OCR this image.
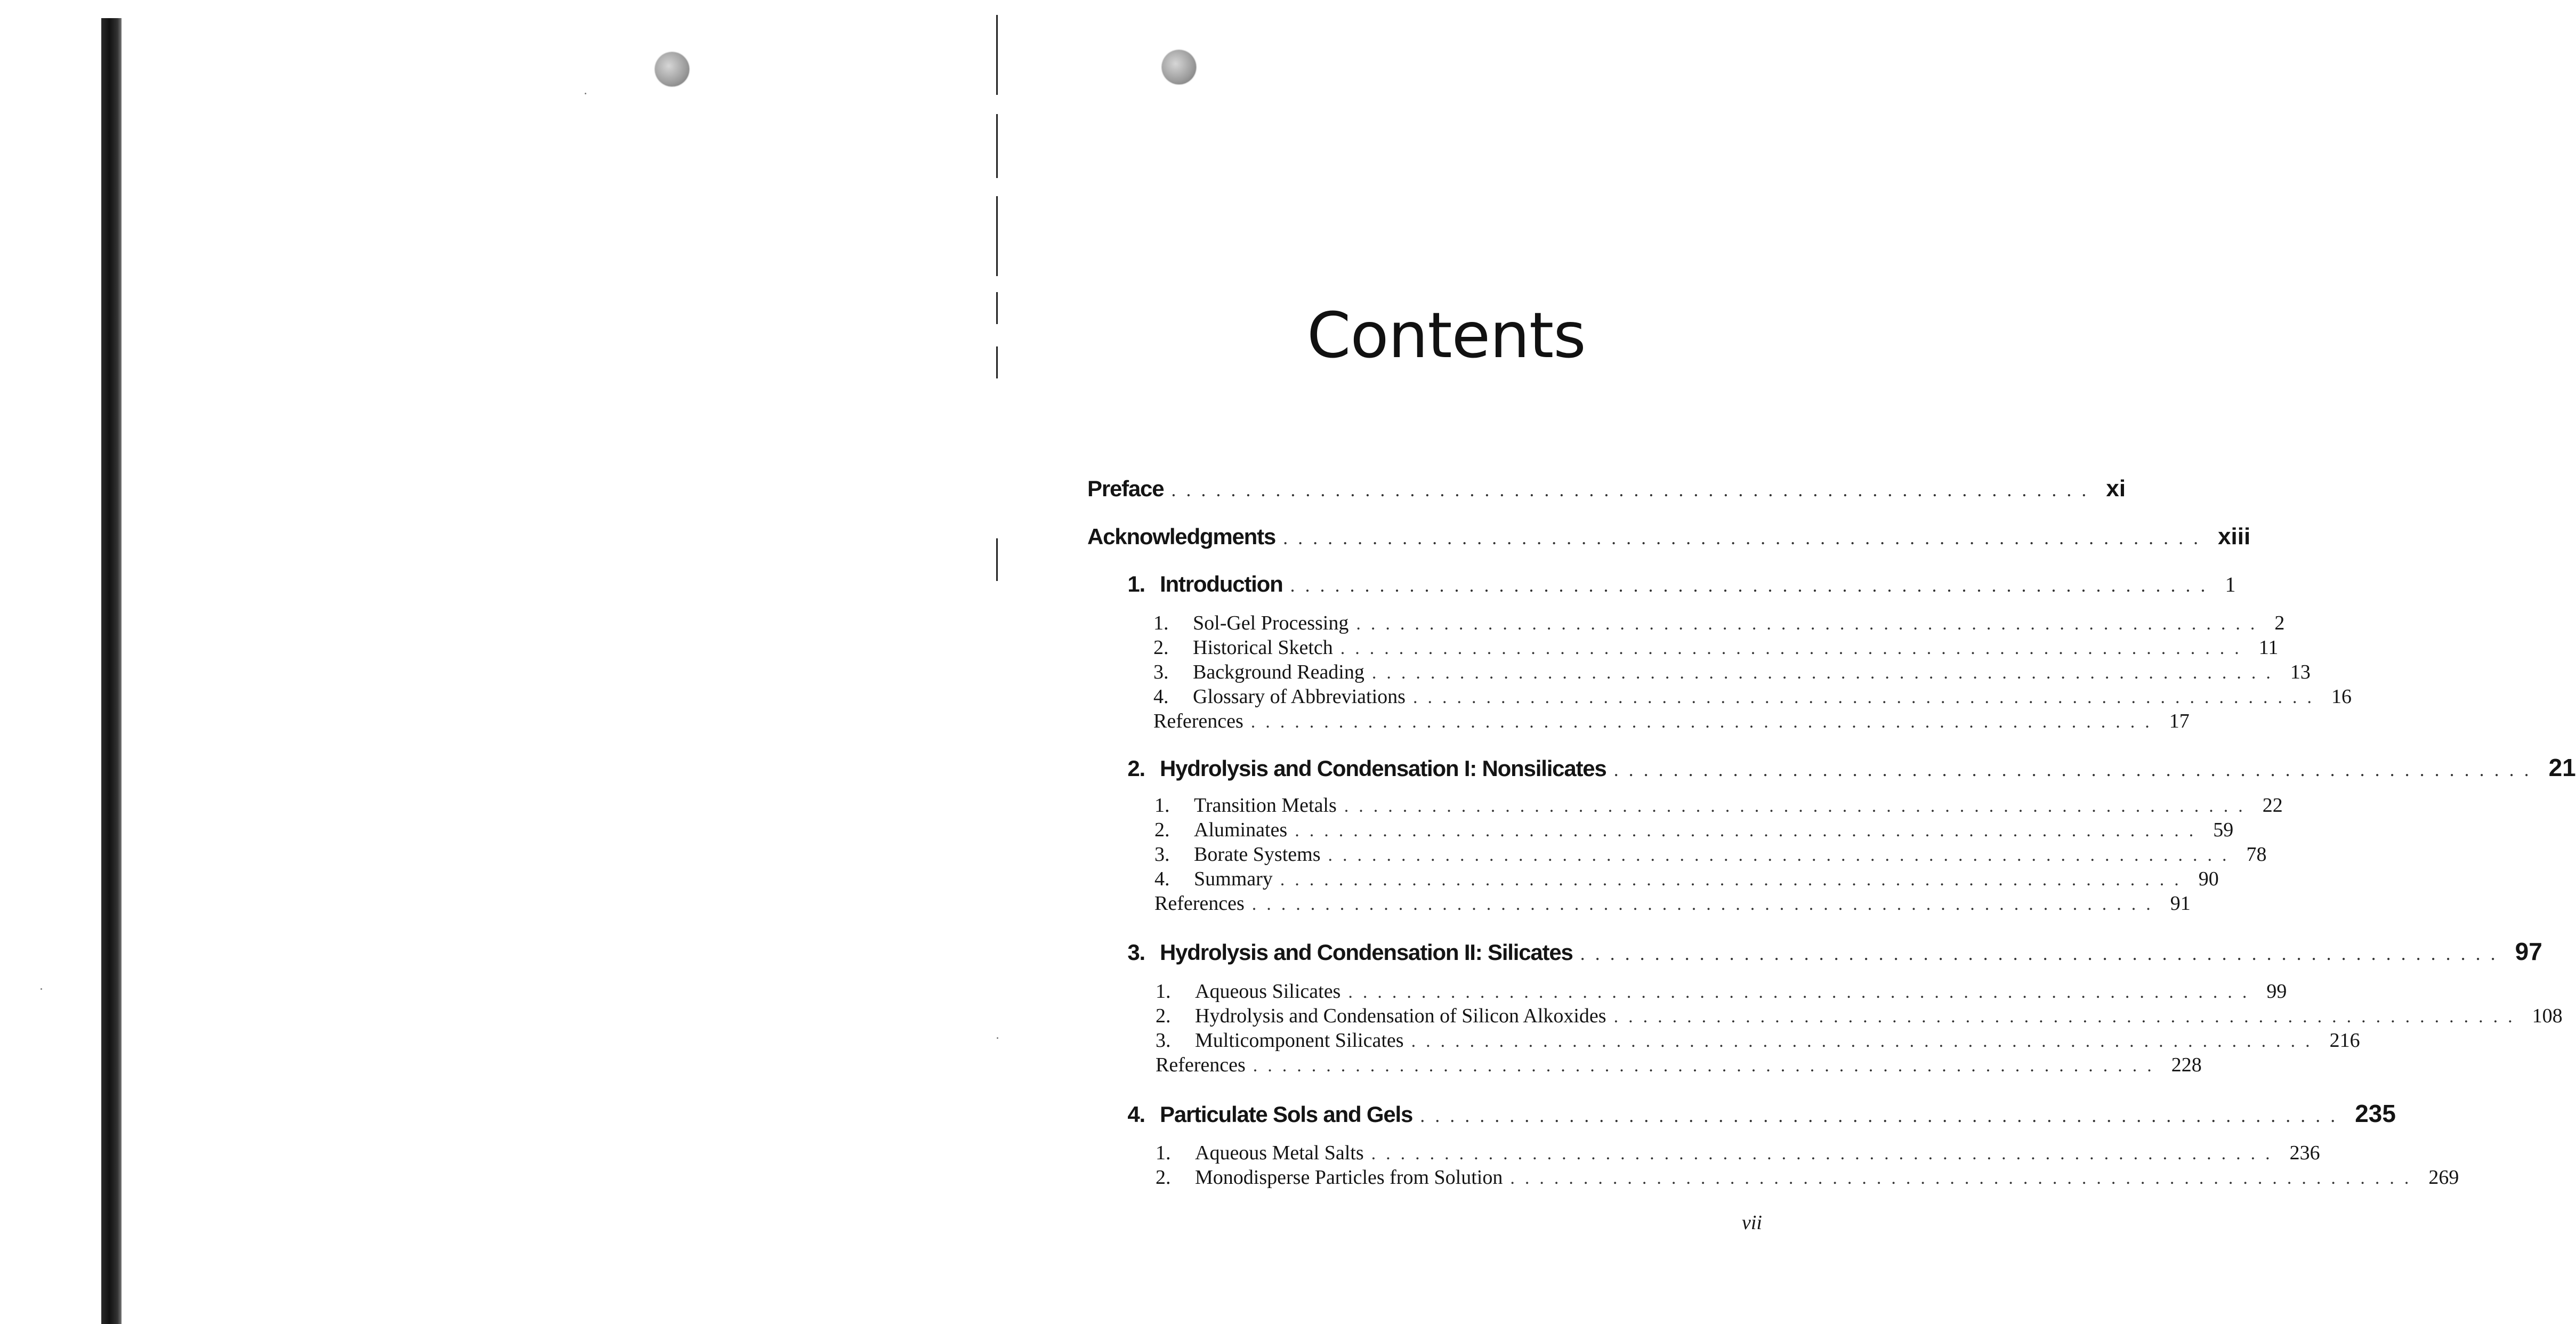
Contents
Preface .............................................................. xi
Acknowledgments .............................................................. xiii
1. Introduction .............................................................. 1
1. Sol-Gel Processing .............................................................. 2
2. Historical Sketch .............................................................. 11
3. Background Reading .............................................................. 13
4. Glossary of Abbreviations .............................................................. 16
References .............................................................. 17
2. Hydrolysis and Condensation I: Nonsilicates .............................................................. 21
1. Transition Metals .............................................................. 22
2. Aluminates .............................................................. 59
3. Borate Systems .............................................................. 78
4. Summary .............................................................. 90
References .............................................................. 91
3. Hydrolysis and Condensation II: Silicates .............................................................. 97
1. Aqueous Silicates .............................................................. 99
2. Hydrolysis and Condensation of Silicon Alkoxides .............................................................. 108
3. Multicomponent Silicates .............................................................. 216
References .............................................................. 228
4. Particulate Sols and Gels .............................................................. 235
1. Aqueous Metal Salts .............................................................. 236
2. Monodisperse Particles from Solution .............................................................. 269
vii
